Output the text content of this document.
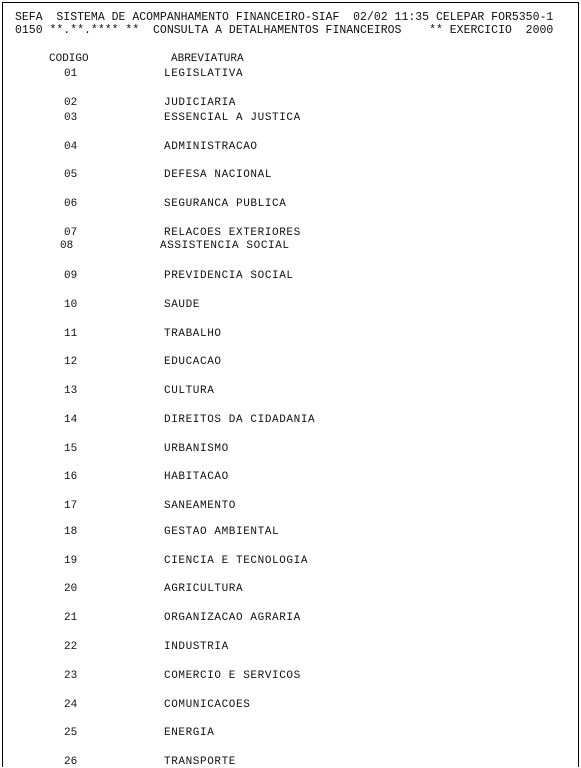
SEFA  SISTEMA DE ACOMPANHAMENTO FINANCEIRO-SIAF  02/02 11:35 CELEPAR FOR5350-1
0150 **.**.**** **  CONSULTA A DETALHAMENTOS FINANCEIROS    ** EXERCICIO  2000
CODIGO	ABREVIATURA
01	LEGISLATIVA
02	JUDICIARIA
03	ESSENCIAL A JUSTICA
04	ADMINISTRACAO
05	DEFESA NACIONAL
06	SEGURANCA PUBLICA
07	RELACOES EXTERIORES
08	ASSISTENCIA SOCIAL
09	PREVIDENCIA SOCIAL
10	SAUDE
11	TRABALHO
12	EDUCACAO
13	CULTURA
14	DIREITOS DA CIDADANIA
15	URBANISMO
16	HABITACAO
17	SANEAMENTO
18	GESTAO AMBIENTAL
19	CIENCIA E TECNOLOGIA
20	AGRICULTURA
21	ORGANIZACAO AGRARIA
22	INDUSTRIA
23	COMERCIO E SERVICOS
24	COMUNICACOES
25	ENERGIA
26	TRANSPORTE
